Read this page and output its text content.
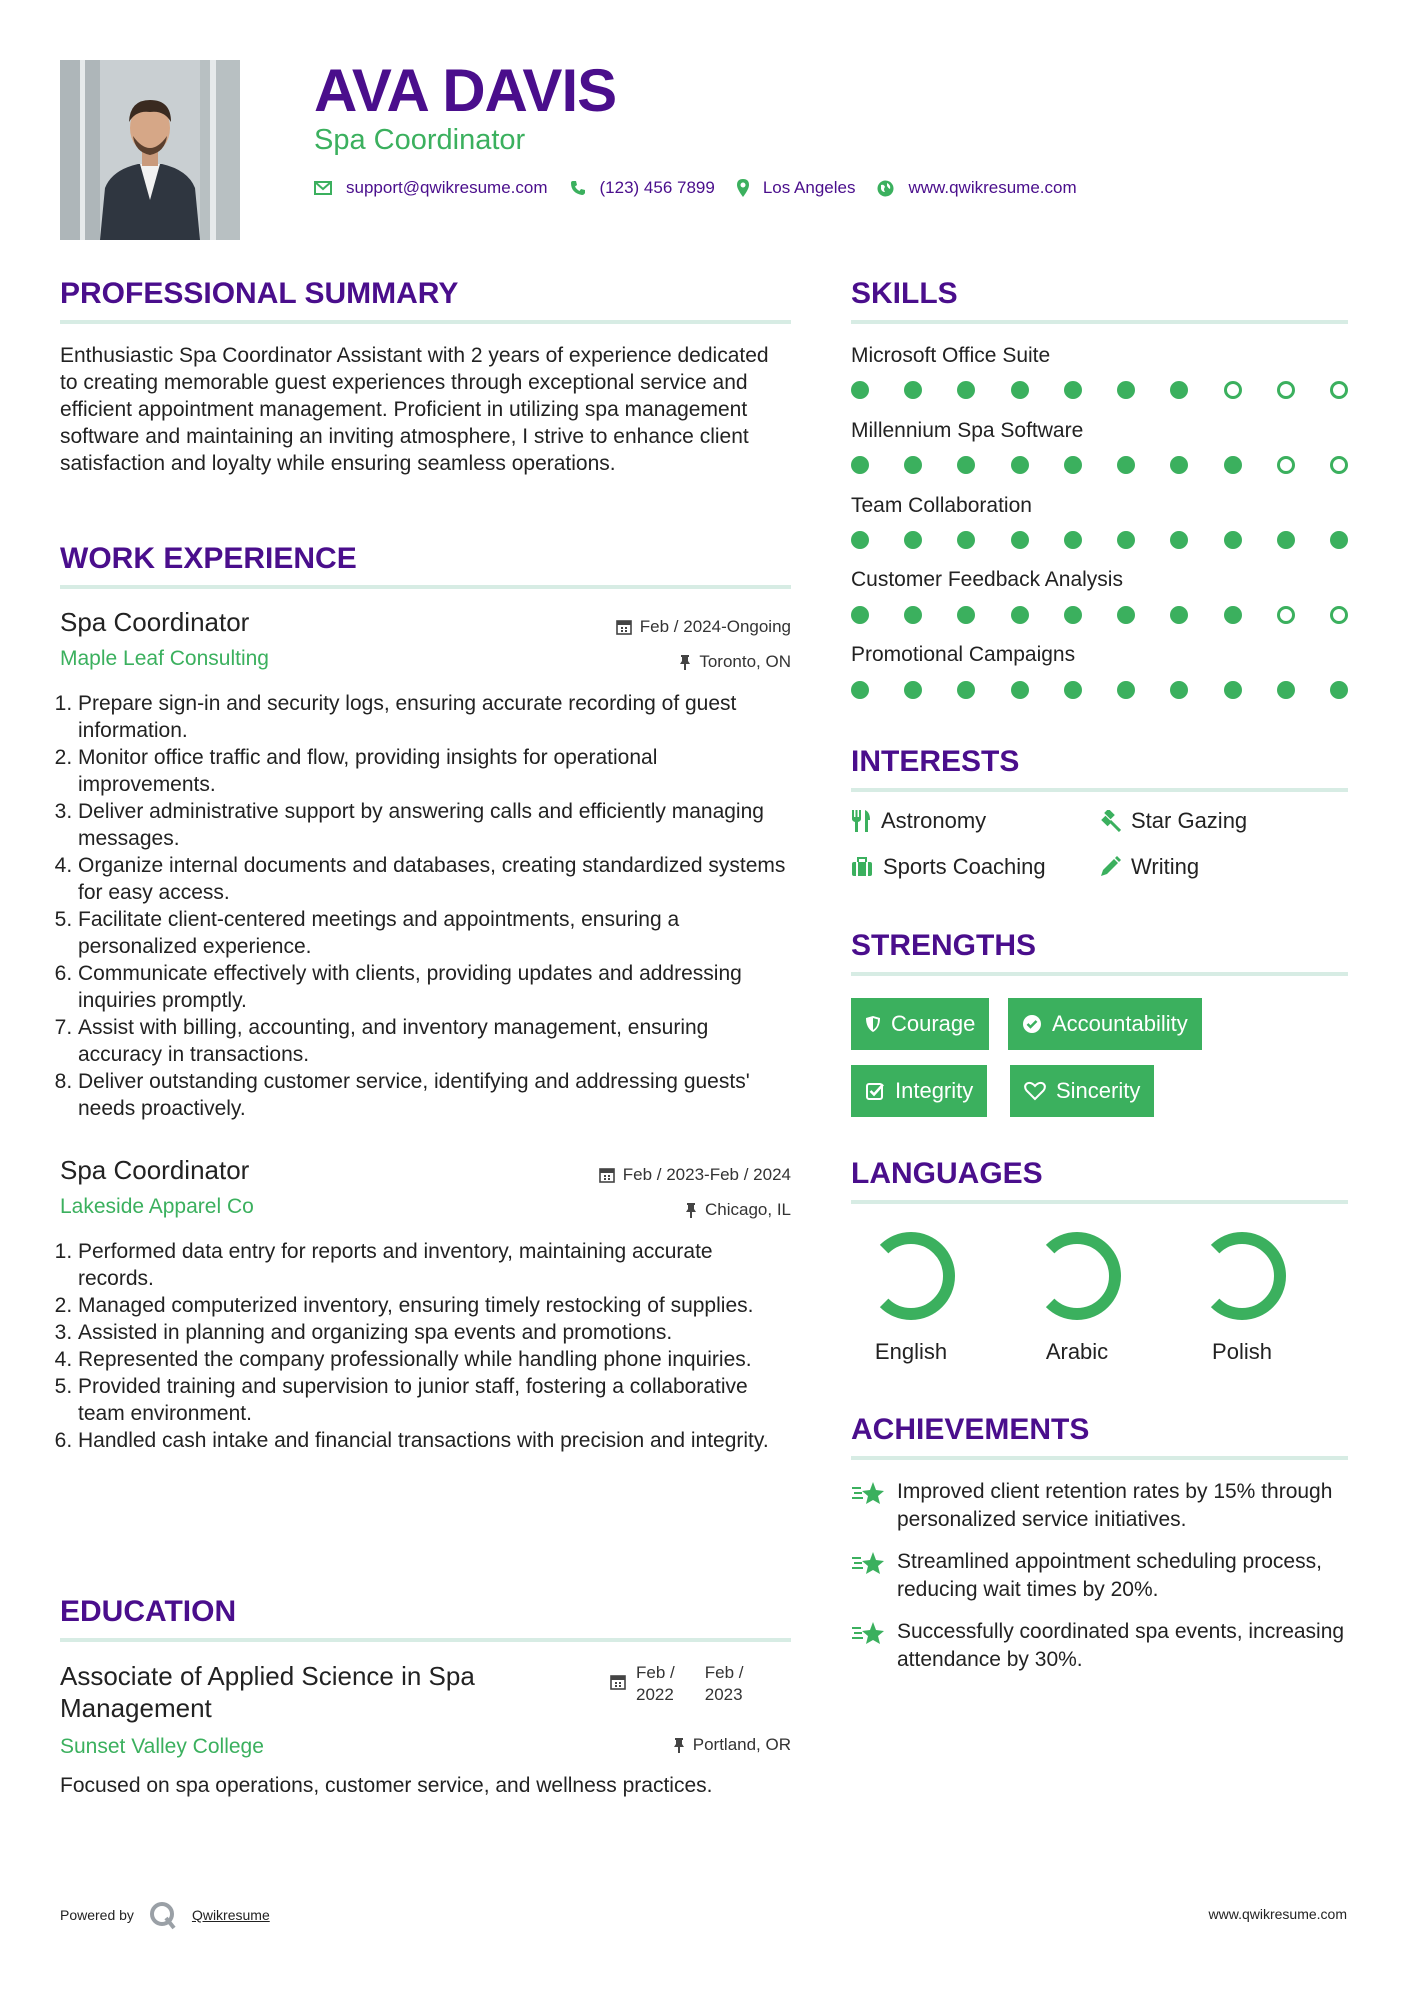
AVA DAVIS
Spa Coordinator
support@qwikresume.com	(123) 456 7899	Los Angeles	www.qwikresume.com
PROFESSIONAL SUMMARY
Enthusiastic Spa Coordinator Assistant with 2 years of experience dedicated to creating memorable guest experiences through exceptional service and efficient appointment management. Proficient in utilizing spa management software and maintaining an inviting atmosphere, I strive to enhance client satisfaction and loyalty while ensuring seamless operations.
WORK EXPERIENCE
Spa Coordinator	Feb / 2024-Ongoing
Maple Leaf Consulting	Toronto, ON
1. Prepare sign-in and security logs, ensuring accurate recording of guest information.
2. Monitor office traffic and flow, providing insights for operational improvements.
3. Deliver administrative support by answering calls and efficiently managing messages.
4. Organize internal documents and databases, creating standardized systems for easy access.
5. Facilitate client-centered meetings and appointments, ensuring a personalized experience.
6. Communicate effectively with clients, providing updates and addressing inquiries promptly.
7. Assist with billing, accounting, and inventory management, ensuring accuracy in transactions.
8. Deliver outstanding customer service, identifying and addressing guests' needs proactively.
Spa Coordinator	Feb / 2023-Feb / 2024
Lakeside Apparel Co	Chicago, IL
1. Performed data entry for reports and inventory, maintaining accurate records.
2. Managed computerized inventory, ensuring timely restocking of supplies.
3. Assisted in planning and organizing spa events and promotions.
4. Represented the company professionally while handling phone inquiries.
5. Provided training and supervision to junior staff, fostering a collaborative team environment.
6. Handled cash intake and financial transactions with precision and integrity.
EDUCATION
Associate of Applied Science in Spa Management
Feb /
2022
Feb /
2023
Sunset Valley College	Portland, OR
Focused on spa operations, customer service, and wellness practices.
SKILLS
Microsoft Office Suite
Millennium Spa Software
Team Collaboration
Customer Feedback Analysis
Promotional Campaigns
INTERESTS
Astronomy	Star Gazing
Sports Coaching	Writing
STRENGTHS
Courage	Accountability
Integrity	Sincerity
LANGUAGES
English	Arabic	Polish
ACHIEVEMENTS
Improved client retention rates by 15% through personalized service initiatives.
Streamlined appointment scheduling process, reducing wait times by 20%.
Successfully coordinated spa events, increasing attendance by 30%.
Powered by	Qwikresume	www.qwikresume.com
